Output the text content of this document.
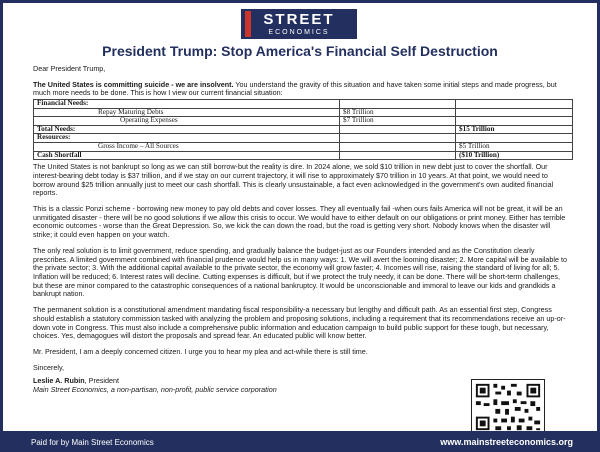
STREET
ECONOMICS
President Trump: Stop America's Financial Self Destruction

Dear President Trump,

The United States is committing suicide - we are insolvent. You understand the gravity of this situation and have taken some initial steps and made progress, but much more needs to be done. This is how I view our current financial situation:

Financial Needs:		
Repay Maturing Debts	$8 Trillion	
Operating Expenses	$7 Trillion	
Total Needs:		$15 Trillion
Resources:		
Gross Income – All Sources		$5 Trillion
Cash Shortfall		($10 Trillion)

The United States is not bankrupt so long as we can still borrow-but the reality is dire. In 2024 alone, we sold $10 trillion in new debt just to cover the shortfall. Our interest-bearing debt today is $37 trillion, and if we stay on our current trajectory, it will rise to approximately $70 trillion in 10 years. At that point, we would need to borrow around $25 trillion annually just to meet our cash shortfall. This is clearly unsustainable, a fact even acknowledged in the government's own audited financial reports.

This is a classic Ponzi scheme - borrowing new money to pay old debts and cover losses. They all eventually fail -when ours fails America will not be great, it will be an unmitigated disaster - there will be no good solutions if we allow this crisis to occur. We would have to either default on our obligations or print money. Either has terrible economic outcomes - worse than the Great Depression. So, we kick the can down the road, but the road is getting very short. Nobody knows when the disaster will strike; it could even happen on your watch.

The only real solution is to limit government, reduce spending, and gradually balance the budget-just as our Founders intended and as the Constitution clearly prescribes. A limited government combined with financial prudence would help us in many ways: 1. We will avert the looming disaster; 2. More capital will be available to the private sector; 3. With the additional capital available to the private sector, the economy will grow faster; 4. Incomes will rise, raising the standard of living for all; 5. Inflation will be reduced; 6. Interest rates will decline. Cutting expenses is difficult, but if we protect the truly needy, it can be done. There will be short-term challenges, but these are minor compared to the catastrophic consequences of a national bankruptcy. It would be unconscionable and immoral to leave our kids and grandkids a bankrupt nation.

The permanent solution is a constitutional amendment mandating fiscal responsibility-a necessary but lengthy and difficult path. As an essential first step, Congress should establish a statutory commission tasked with analyzing the problem and proposing solutions, including a requirement that its recommendations receive an up-or-down vote in Congress. This must also include a comprehensive public information and education campaign to build public support for these tough, but necessary, choices. Yes, demagogues will distort the proposals and spread fear. An educated public will know better.

Mr. President, I am a deeply concerned citizen. I urge you to hear my plea and act-while there is still time.

Sincerely,

Leslie A. Rubin, President
Main Street Economics, a non-partisan, non-profit, public service corporation
Paid for by Main Street Economics	www.mainstreeteconomics.org
